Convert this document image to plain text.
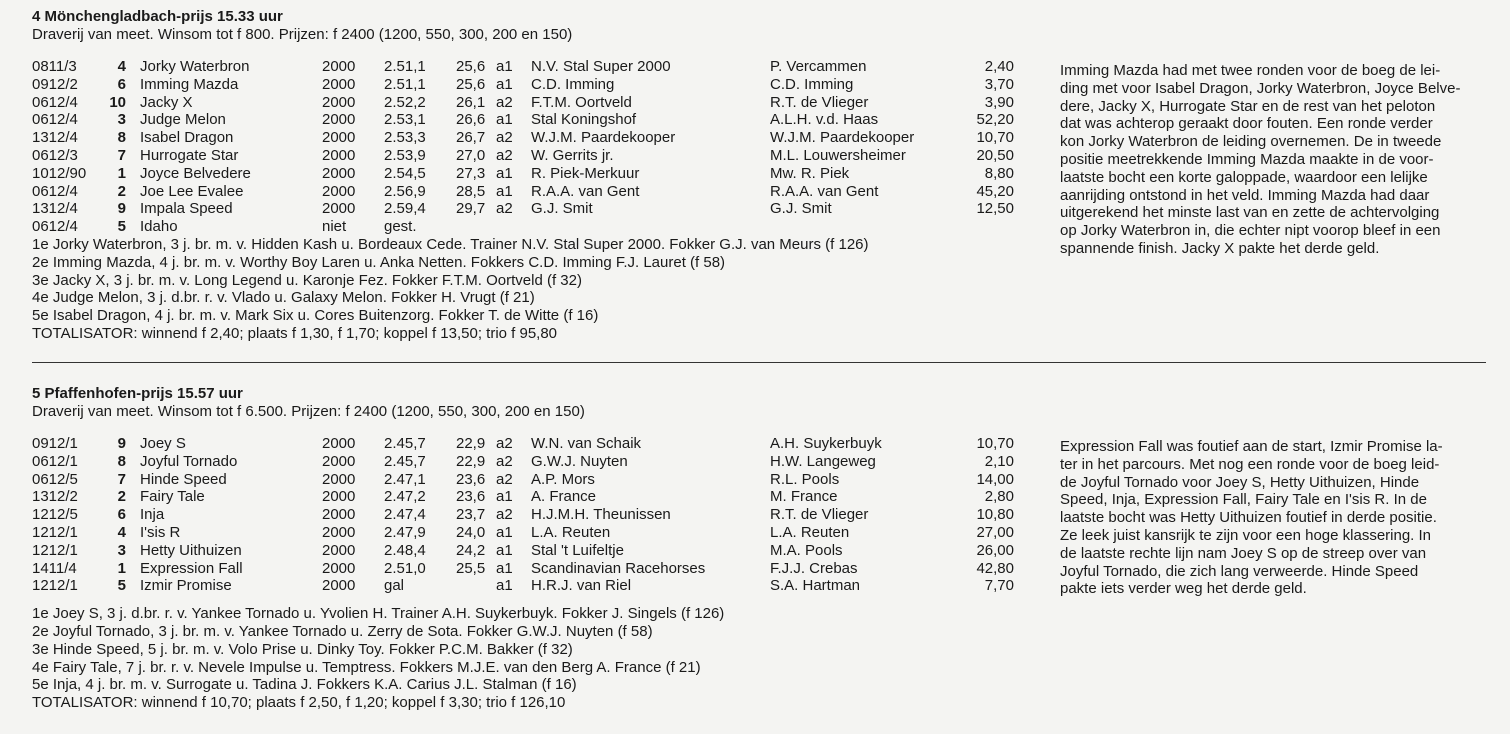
4 Mönchengladbach-prijs 15.33 uur
Draverij van meet. Winsom tot f 800. Prijzen: f 2400 (1200, 550, 300, 200 en 150)
0811/3	4 Jorky Waterbron	2000 2.51,1 25,6 a1 N.V. Stal Super 2000	P. Vercammen	2,40
0912/2	6 Imming Mazda	2000 2.51,1 25,6 a1 C.D. Imming	C.D. Imming	3,70
0612/4	10 Jacky X	2000 2.52,2 26,1 a2 F.T.M. Oortveld	R.T. de Vlieger	3,90
0612/4	3 Judge Melon	2000 2.53,1 26,6 a1 Stal Koningshof	A.L.H. v.d. Haas	52,20
1312/4	8 Isabel Dragon	2000 2.53,3 26,7 a2 W.J.M. Paardekooper	W.J.M. Paardekooper	10,70
0612/3	7 Hurrogate Star	2000 2.53,9 27,0 a2 W. Gerrits jr.	M.L. Louwersheimer	20,50
1012/90	1 Joyce Belvedere	2000 2.54,5 27,3 a1 R. Piek-Merkuur	Mw. R. Piek	8,80
0612/4	2 Joe Lee Evalee	2000 2.56,9 28,5 a1 R.A.A. van Gent	R.A.A. van Gent	45,20
1312/4	9 Impala Speed	2000 2.59,4 29,7 a2 G.J. Smit	G.J. Smit	12,50
0612/4	5 Idaho	niet	gest.
1e Jorky Waterbron, 3 j. br. m. v. Hidden Kash u. Bordeaux Cede. Trainer N.V. Stal Super 2000. Fokker G.J. van Meurs (f 126)
2e Imming Mazda, 4 j. br. m. v. Worthy Boy Laren u. Anka Netten. Fokkers C.D. Imming F.J. Lauret (f 58)
3e Jacky X, 3 j. br. m. v. Long Legend u. Karonje Fez. Fokker F.T.M. Oortveld (f 32)
4e Judge Melon, 3 j. d.br. r. v. Vlado u. Galaxy Melon. Fokker H. Vrugt (f 21)
5e Isabel Dragon, 4 j. br. m. v. Mark Six u. Cores Buitenzorg. Fokker T. de Witte (f 16)
TOTALISATOR: winnend f 2,40; plaats f 1,30, f 1,70; koppel f 13,50; trio f 95,80
Imming Mazda had met twee ronden voor de boeg de lei-
ding met voor Isabel Dragon, Jorky Waterbron, Joyce Belve-
dere, Jacky X, Hurrogate Star en de rest van het peloton
dat was achterop geraakt door fouten. Een ronde verder
kon Jorky Waterbron de leiding overnemen. De in tweede
positie meetrekkende Imming Mazda maakte in de voor-
laatste bocht een korte galoppade, waardoor een lelijke
aanrijding ontstond in het veld. Imming Mazda had daar
uitgerekend het minste last van en zette de achtervolging
op Jorky Waterbron in, die echter nipt voorop bleef in een
spannende finish. Jacky X pakte het derde geld.
5 Pfaffenhofen-prijs 15.57 uur
Draverij van meet. Winsom tot f 6.500. Prijzen: f 2400 (1200, 550, 300, 200 en 150)
0912/1	9 Joey S	2000 2.45,7 22,9 a2 W.N. van Schaik	A.H. Suykerbuyk	10,70
0612/1	8 Joyful Tornado	2000 2.45,7 22,9 a2 G.W.J. Nuyten	H.W. Langeweg	2,10
0612/5	7 Hinde Speed	2000 2.47,1 23,6 a2 A.P. Mors	R.L. Pools	14,00
1312/2	2 Fairy Tale	2000 2.47,2 23,6 a1 A. France	M. France	2,80
1212/5	6 Inja	2000 2.47,4 23,7 a2 H.J.M.H. Theunissen	R.T. de Vlieger	10,80
1212/1	4 I'sis R	2000 2.47,9 24,0 a1 L.A. Reuten	L.A. Reuten	27,00
1212/1	3 Hetty Uithuizen	2000 2.48,4 24,2 a1 Stal 't Luifeltje	M.A. Pools	26,00
1411/4	1 Expression Fall	2000 2.51,0 25,5 a1 Scandinavian Racehorses	F.J.J. Crebas	42,80
1212/1	5 Izmir Promise	2000 gal	a1 H.R.J. van Riel	S.A. Hartman	7,70
1e Joey S, 3 j. d.br. r. v. Yankee Tornado u. Yvolien H. Trainer A.H. Suykerbuyk. Fokker J. Singels (f 126)
2e Joyful Tornado, 3 j. br. m. v. Yankee Tornado u. Zerry de Sota. Fokker G.W.J. Nuyten (f 58)
3e Hinde Speed, 5 j. br. m. v. Volo Prise u. Dinky Toy. Fokker P.C.M. Bakker (f 32)
4e Fairy Tale, 7 j. br. r. v. Nevele Impulse u. Temptress. Fokkers M.J.E. van den Berg A. France (f 21)
5e Inja, 4 j. br. m. v. Surrogate u. Tadina J. Fokkers K.A. Carius J.L. Stalman (f 16)
TOTALISATOR: winnend f 10,70; plaats f 2,50, f 1,20; koppel f 3,30; trio f 126,10
Expression Fall was foutief aan de start, Izmir Promise la-
ter in het parcours. Met nog een ronde voor de boeg leid-
de Joyful Tornado voor Joey S, Hetty Uithuizen, Hinde
Speed, Inja, Expression Fall, Fairy Tale en I'sis R. In de
laatste bocht was Hetty Uithuizen foutief in derde positie.
Ze leek juist kansrijk te zijn voor een hoge klassering. In
de laatste rechte lijn nam Joey S op de streep over van
Joyful Tornado, die zich lang verweerde. Hinde Speed
pakte iets verder weg het derde geld.
